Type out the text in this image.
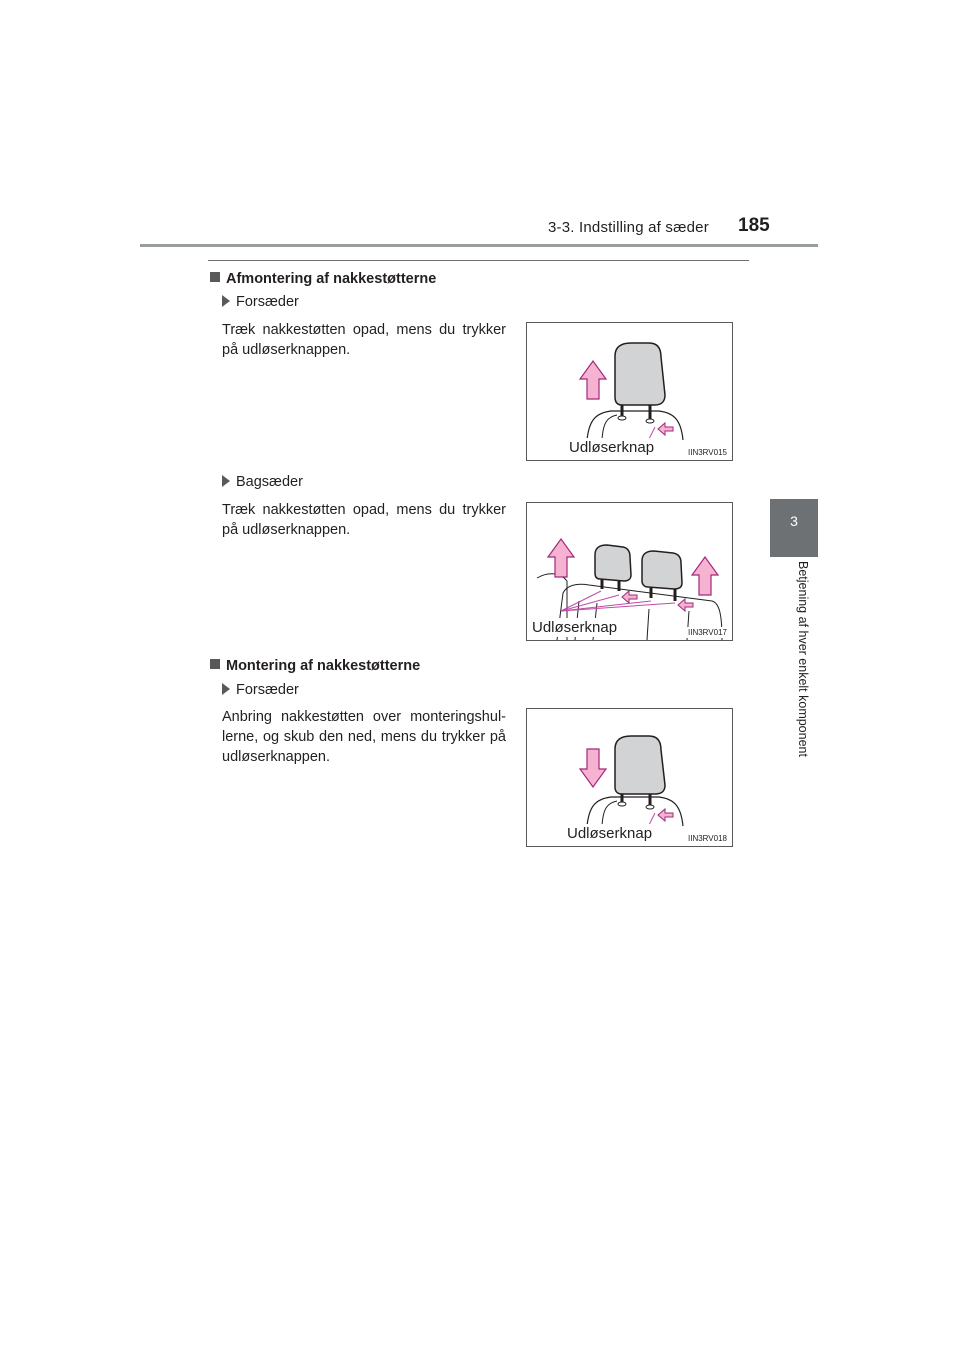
3-3. Indstilling af sæder 185
3
Betjening af hver enkelt komponent
Afmontering af nakkestøtterne
Forsæder
Træk nakkestøtten opad, mens du trykker på udløserknappen.
Udløserknap	IIN3RV015
Bagsæder
Træk nakkestøtten opad, mens du trykker på udløserknappen.
Udløserknap	IIN3RV017
Montering af nakkestøtterne
Forsæder
Anbring nakkestøtten over monteringshul-lerne, og skub den ned, mens du trykker på udløserknappen.
Udløserknap	IIN3RV018
